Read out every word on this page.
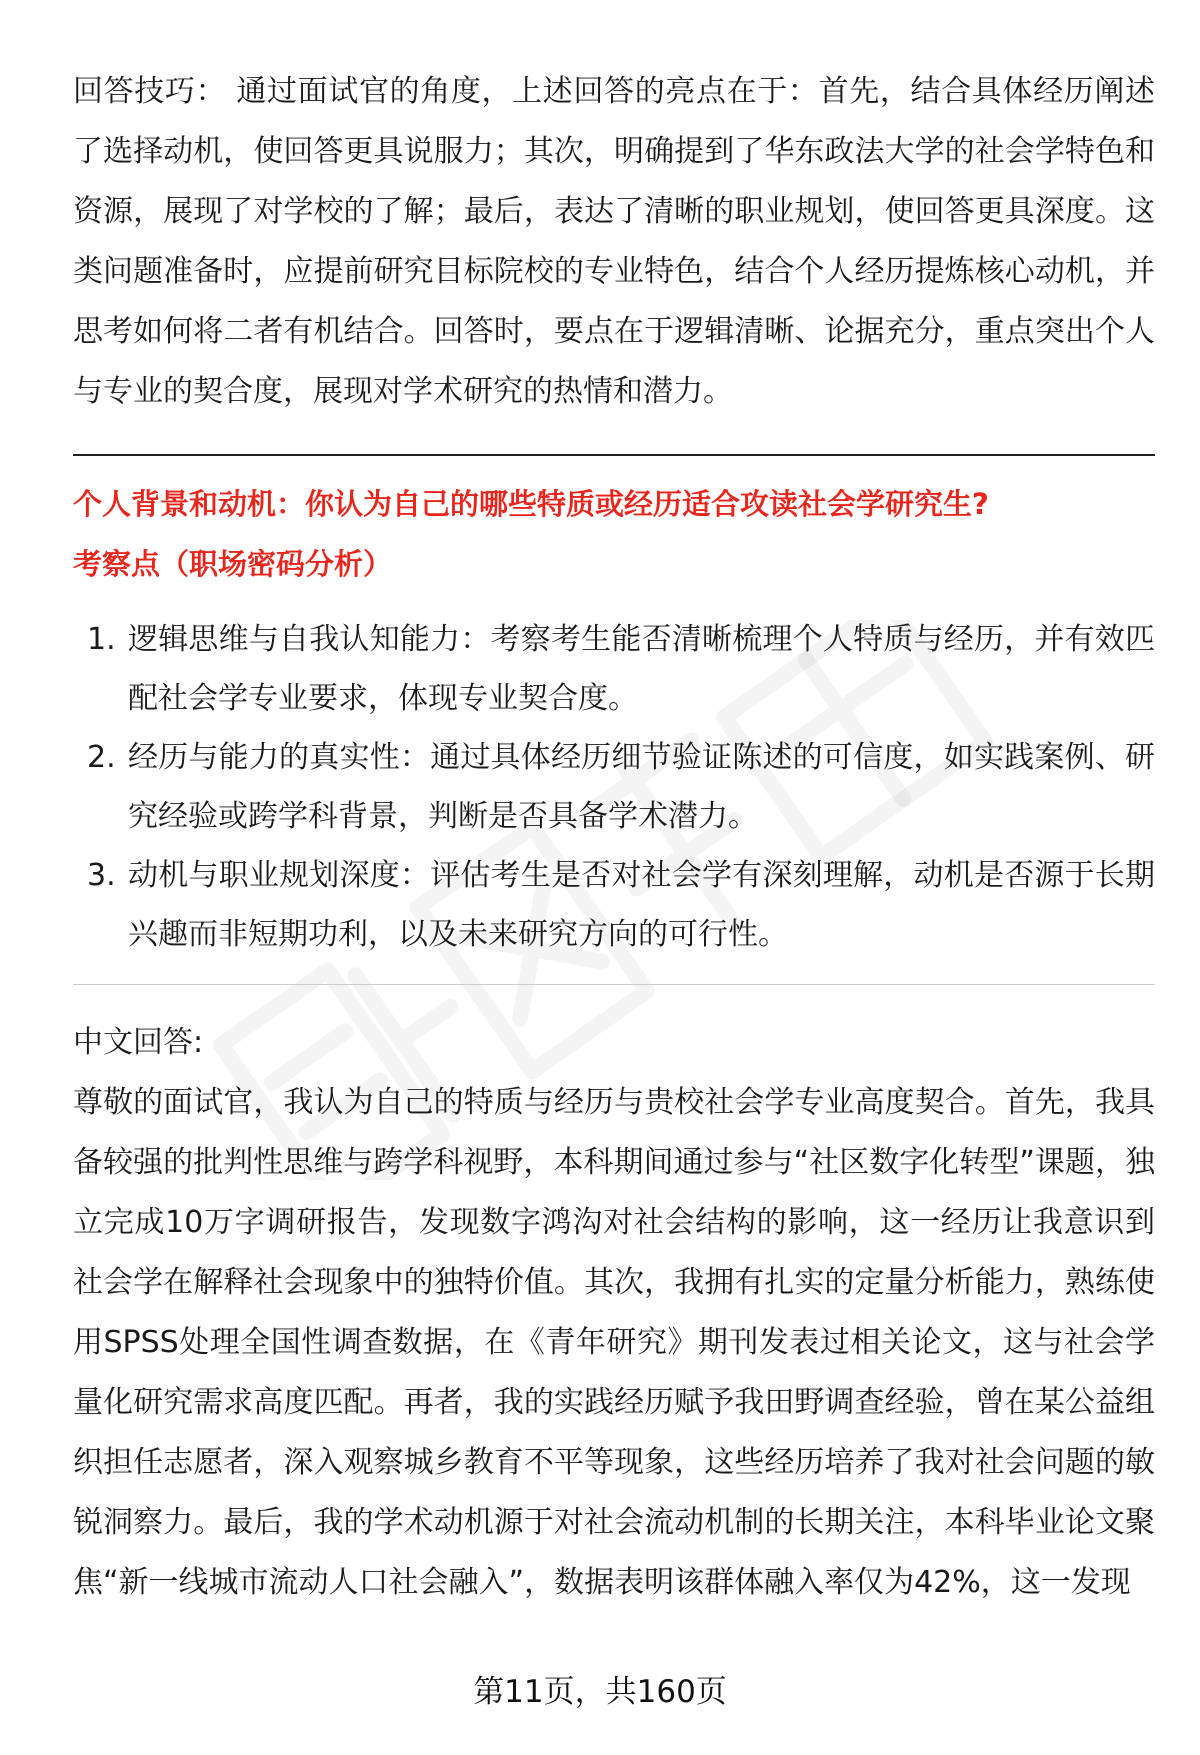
回答技巧： 通过面试官的角度，上述回答的亮点在于：首先，结合具体经历阐述了选择动机，使回答更具说服力；其次，明确提到了华东政法大学的社会学特色和资源，展现了对学校的了解；最后，表达了清晰的职业规划，使回答更具深度。这类问题准备时，应提前研究目标院校的专业特色，结合个人经历提炼核心动机，并思考如何将二者有机结合。回答时，要点在于逻辑清晰、论据充分，重点突出个人与专业的契合度，展现对学术研究的热情和潜力。

个人背景和动机：你认为自己的哪些特质或经历适合攻读社会学研究生?
考察点（职场密码分析）
1. 逻辑思维与自我认知能力：考察考生能否清晰梳理个人特质与经历，并有效匹配社会学专业要求，体现专业契合度。
2. 经历与能力的真实性：通过具体经历细节验证陈述的可信度，如实践案例、研究经验或跨学科背景，判断是否具备学术潜力。
3. 动机与职业规划深度：评估考生是否对社会学有深刻理解，动机是否源于长期兴趣而非短期功利，以及未来研究方向的可行性。

中文回答:

尊敬的面试官，我认为自己的特质与经历与贵校社会学专业高度契合。首先，我具备较强的批判性思维与跨学科视野，本科期间通过参与“社区数字化转型”课题，独立完成10万字调研报告，发现数字鸿沟对社会结构的影响，这一经历让我意识到社会学在解释社会现象中的独特价值。其次，我拥有扎实的定量分析能力，熟练使用SPSS处理全国性调查数据，在《青年研究》期刊发表过相关论文，这与社会学量化研究需求高度匹配。再者，我的实践经历赋予我田野调查经验，曾在某公益组织担任志愿者，深入观察城乡教育不平等现象，这些经历培养了我对社会问题的敏锐洞察力。最后，我的学术动机源于对社会流动机制的长期关注，本科毕业论文聚焦“新一线城市流动人口社会融入”，数据表明该群体融入率仅为42%，这一发现

第11页，共160页
